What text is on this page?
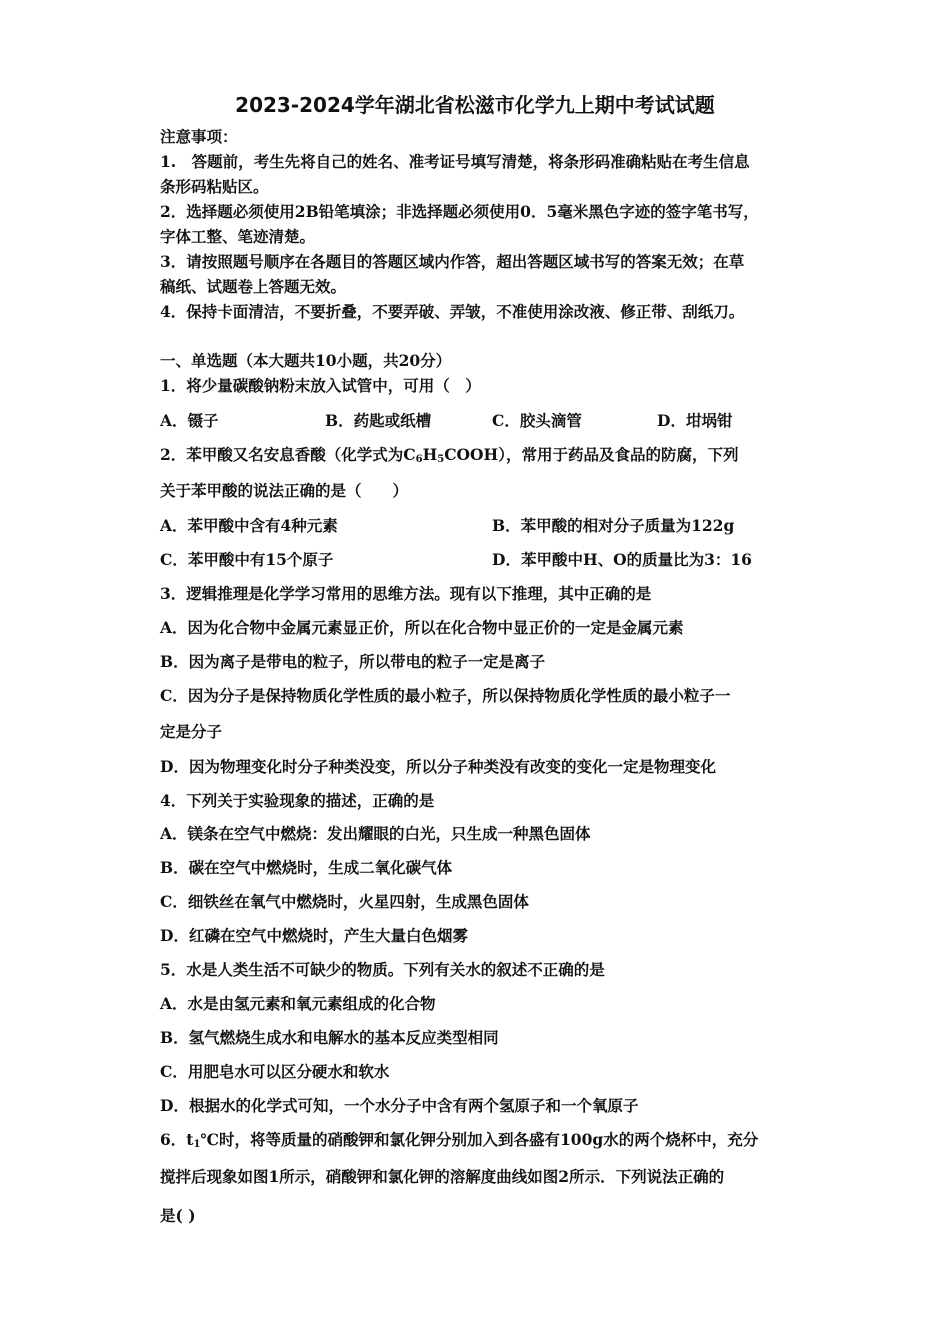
2023-2024学年湖北省松滋市化学九上期中考试试题
注意事项：
1.　答题前，考生先将自己的姓名、准考证号填写清楚，将条形码准确粘贴在考生信息
条形码粘贴区。
2．选择题必须使用2B铅笔填涂；非选择题必须使用0．5毫米黑色字迹的签字笔书写，
字体工整、笔迹清楚。
3．请按照题号顺序在各题目的答题区域内作答，超出答题区域书写的答案无效；在草
稿纸、试题卷上答题无效。
4．保持卡面清洁，不要折叠，不要弄破、弄皱，不准使用涂改液、修正带、刮纸刀。
一、单选题（本大题共10小题，共20分）
1．将少量碳酸钠粉末放入试管中，可用（　）
A．镊子	B．药匙或纸槽	C．胶头滴管	D．坩埚钳
2．苯甲酸又名安息香酸（化学式为$C_6H_5COOH$），常用于药品及食品的防腐，下列
关于苯甲酸的说法正确的是（　　）
A．苯甲酸中含有4种元素	B．苯甲酸的相对分子质量为122g
C．苯甲酸中有15个原子	D．苯甲酸中H、O的质量比为3：16
3．逻辑推理是化学学习常用的思维方法。现有以下推理，其中正确的是
A．因为化合物中金属元素显正价，所以在化合物中显正价的一定是金属元素
B．因为离子是带电的粒子，所以带电的粒子一定是离子
C．因为分子是保持物质化学性质的最小粒子，所以保持物质化学性质的最小粒子一
定是分子
D．因为物理变化时分子种类没变，所以分子种类没有改变的变化一定是物理变化
4．下列关于实验现象的描述，正确的是
A．镁条在空气中燃烧：发出耀眼的白光，只生成一种黑色固体
B．碳在空气中燃烧时，生成二氧化碳气体
C．细铁丝在氧气中燃烧时，火星四射，生成黑色固体
D．红磷在空气中燃烧时，产生大量白色烟雾
5．水是人类生活不可缺少的物质。下列有关水的叙述不正确的是
A．水是由氢元素和氧元素组成的化合物
B．氢气燃烧生成水和电解水的基本反应类型相同
C．用肥皂水可以区分硬水和软水
D．根据水的化学式可知，一个水分子中含有两个氢原子和一个氧原子
6．$t_1℃$时，将等质量的硝酸钾和氯化钾分别加入到各盛有100g水的两个烧杯中，充分
搅拌后现象如图1所示，硝酸钾和氯化钾的溶解度曲线如图2所示．下列说法正确的
是( )
